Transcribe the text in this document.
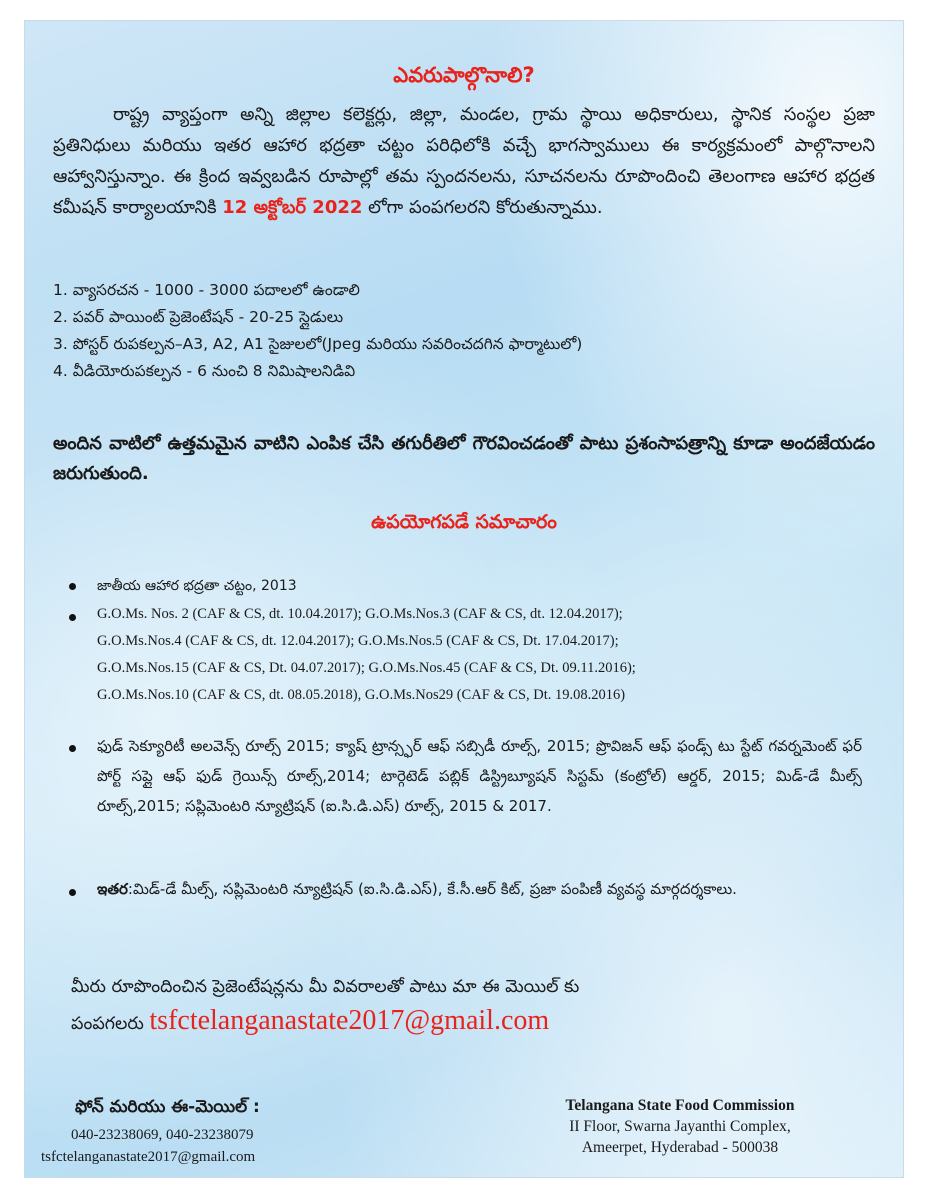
ఎవరుపాల్గొనాలి?
రాష్ట్ర వ్యాప్తంగా అన్ని జిల్లాల కలెక్టర్లు, జిల్లా, మండల, గ్రామ స్థాయి అధికారులు, స్థానిక సంస్థల ప్రజా ప్రతినిధులు మరియు ఇతర ఆహార భద్రతా చట్టం పరిధిలోకి వచ్చే భాగస్వాములు ఈ కార్యక్రమంలో పాల్గొనాలని ఆహ్వానిస్తున్నాం. ఈ క్రింద ఇవ్వబడిన రూపాల్లో తమ స్పందనలను, సూచనలను రూపొందించి తెలంగాణ ఆహార భద్రత కమీషన్ కార్యాలయానికి 12 అక్టోబర్ 2022 లోగా పంపగలరని కోరుతున్నాము.
1. వ్యాసరచన - 1000 - 3000 పదాలలో ఉండాలి
2. పవర్ పాయింట్ ప్రెజెంటేషన్ - 20-25 స్లైడులు
3. పోస్టర్ రుపకల్పన–A3, A2, A1 సైజులలో(Jpeg మరియు సవరించదగిన ఫార్మాటులో)
4. వీడియోరుపకల్పన - 6 నుంచి 8 నిమిషాలనిడివి
అందిన వాటిలో ఉత్తమమైన వాటిని ఎంపిక చేసి తగురీతిలో గౌరవించడంతో పాటు ప్రశంసాపత్రాన్ని కూడా అందజేయడం జరుగుతుంది.
ఉపయోగపడే సమాచారం
జాతీయ ఆహార భద్రతా చట్టం, 2013
G.O.Ms. Nos. 2 (CAF & CS, dt. 10.04.2017); G.O.Ms.Nos.3 (CAF & CS, dt. 12.04.2017);
G.O.Ms.Nos.4 (CAF & CS, dt. 12.04.2017); G.O.Ms.Nos.5 (CAF & CS, Dt. 17.04.2017);
G.O.Ms.Nos.15 (CAF & CS, Dt. 04.07.2017); G.O.Ms.Nos.45 (CAF & CS, Dt. 09.11.2016);
G.O.Ms.Nos.10 (CAF & CS, dt. 08.05.2018), G.O.Ms.Nos29 (CAF & CS, Dt. 19.08.2016)
ఫుడ్ సెక్యూరిటీ అలవెన్స్ రూల్స్ 2015; క్యాష్ ట్రాన్స్ఫర్ ఆఫ్ సబ్సిడీ రూల్స్, 2015; ప్రొవిజన్ ఆఫ్ ఫండ్స్ టు స్టేట్ గవర్నమెంట్ ఫర్ పోర్ట్ సప్లై ఆఫ్ ఫుడ్ గ్రెయిన్స్ రూల్స్,2014; టార్గెటెడ్ పబ్లిక్ డిస్ట్రిబ్యూషన్ సిస్టమ్ (కంట్రోల్) ఆర్డర్, 2015; మిడ్-డే మీల్స్ రూల్స్,2015; సప్లిమెంటరి న్యూట్రిషన్ (ఐ.సి.డి.ఎస్) రూల్స్, 2015 & 2017.
ఇతర:మిడ్-డే మీల్స్, సప్లిమెంటరి న్యూట్రిషన్ (ఐ.సి.డి.ఎస్), కే.సీ.ఆర్ కిట్, ప్రజా పంపిణీ వ్యవస్థ మార్గదర్శకాలు.
మీరు రూపొందించిన ప్రెజెంటేషన్లను మీ వివరాలతో పాటు మా ఈ మెయిల్ కు
పంపగలరు tsfctelanganastate2017@gmail.com
ఫోన్ మరియు ఈ-మెయిల్ :
040-23238069, 040-23238079
tsfctelanganastate2017@gmail.com
Telangana State Food Commission
II Floor, Swarna Jayanthi Complex,
Ameerpet, Hyderabad - 500038
